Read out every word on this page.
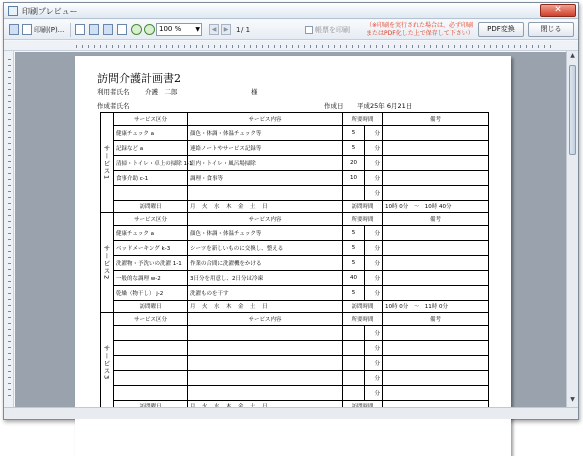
印刷プレビュー	✕
印刷(P)...	100 % ▼	◀	▶	1 / 1	帳票を印刷
（※印刷を実行された場合は、必ず印刷またはPDF化した上で保存して下さい）	PDF変換	閉じる
訪問介護計画書2
利用者氏名 介護　二郎	様
作成者氏名	作成日 平成25年 6月21日
サービス1	サービス区分	サービス内容	所要時間		備考
	健康チェック a	顔色・体調・体温チェック等	5	分	
	記録など a	連絡ノートやサービス記録等	5	分	
	清掃・トイレ・卓上の掃除 1-1	室内・トイレ・風呂場掃除	20	分	
	食事介助 c-1	調理・食事等	10	分	
				分	
	訪問曜日	月　火　水　木　金　土　日	訪問時間		10時 0分　〜　10時 40分
サービス2	サービス区分	サービス内容	所要時間		備考
	健康チェック a	顔色・体調・体温チェック等	5	分	
	ベッドメーキング k-3	シーツを新しいものに交換し、整える	5	分	
	洗濯物・予洗いの洗濯 1-1	作業の合間に洗濯機をかける	5	分	
	一般的な調理 w-2	3日分を用意し、2日分は冷凍	40	分	
	乾燥（物干し） j-2	洗濯ものを干す	5	分	
	訪問曜日	月　火　水　木　金　土　日	訪問時間		10時 0分　〜　11時 0分
サービス3	サービス区分	サービス内容	所要時間		備考
				分	
				分	
				分	
				分	
				分	

▲
▼
